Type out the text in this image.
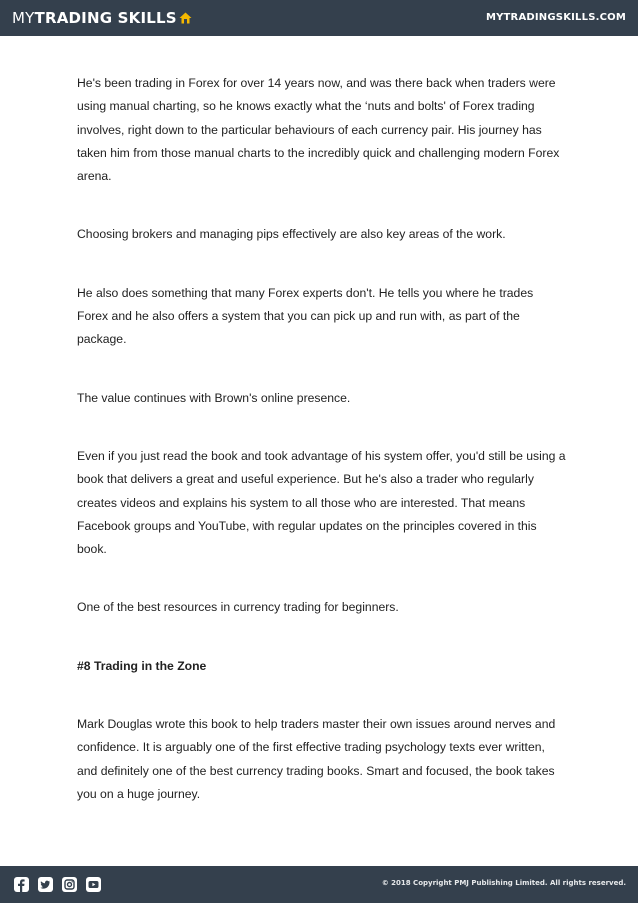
MYTRADING SKILLS	MYTRADINGSKILLS.COM

He's been trading in Forex for over 14 years now, and was there back when traders were using manual charting, so he knows exactly what the ‘nuts and bolts' of Forex trading involves, right down to the particular behaviours of each currency pair. His journey has taken him from those manual charts to the incredibly quick and challenging modern Forex arena.

Choosing brokers and managing pips effectively are also key areas of the work.

He also does something that many Forex experts don't. He tells you where he trades Forex and he also offers a system that you can pick up and run with, as part of the package.

The value continues with Brown's online presence.

Even if you just read the book and took advantage of his system offer, you'd still be using a book that delivers a great and useful experience. But he's also a trader who regularly creates videos and explains his system to all those who are interested. That means Facebook groups and YouTube, with regular updates on the principles covered in this book.

One of the best resources in currency trading for beginners.

#8 Trading in the Zone

Mark Douglas wrote this book to help traders master their own issues around nerves and confidence. It is arguably one of the first effective trading psychology texts ever written, and definitely one of the best currency trading books. Smart and focused, the book takes you on a huge journey.

© 2018 Copyright PMJ Publishing Limited. All rights reserved.
